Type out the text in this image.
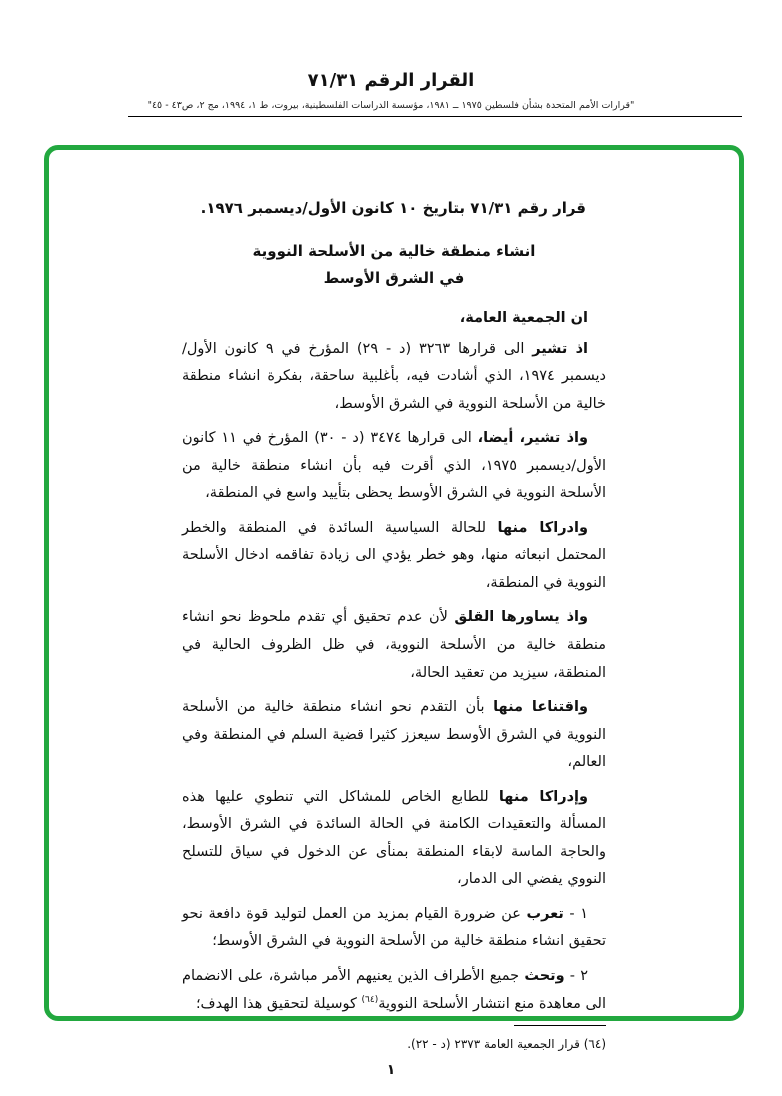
القرار الرقم ٧١/٣١
"قرارات الأمم المتحدة بشأن فلسطين ١٩٧٥ ــ ١٩٨١، مؤسسة الدراسات الفلسطينية، بيروت، ط ١، ١٩٩٤، مج ٢، ص٤٣ - ٤٥"

قرار رقم ٧١/٣١ بتاريخ ١٠ كانون الأول/ديسمبر ١٩٧٦.

انشاء منطقة خالية من الأسلحة النووية
في الشرق الأوسط

ان الجمعية العامة،

اذ تشير الى قرارها ٣٢٦٣ (د - ٢٩) المؤرخ في ٩ كانون الأول/ ديسمبر ١٩٧٤، الذي أشادت فيه، بأغلبية ساحقة، بفكرة انشاء منطقة خالية من الأسلحة النووية في الشرق الأوسط،

واذ تشير، أيضا، الى قرارها ٣٤٧٤ (د - ٣٠) المؤرخ في ١١ كانون الأول/ديسمبر ١٩٧٥، الذي أقرت فيه بأن انشاء منطقة خالية من الأسلحة النووية في الشرق الأوسط يحظى بتأييد واسع في المنطقة،

وادراكا منها للحالة السياسية السائدة في المنطقة والخطر المحتمل انبعاثه منها، وهو خطر يؤدي الى زيادة تفاقمه ادخال الأسلحة النووية في المنطقة،

واذ يساورها القلق لأن عدم تحقيق أي تقدم ملحوظ نحو انشاء منطقة خالية من الأسلحة النووية، في ظل الظروف الحالية في المنطقة، سيزيد من تعقيد الحالة،

واقتناعا منها بأن التقدم نحو انشاء منطقة خالية من الأسلحة النووية في الشرق الأوسط سيعزز كثيرا قضية السلم في المنطقة وفي العالم،

وإدراكا منها للطابع الخاص للمشاكل التي تنطوي عليها هذه المسألة والتعقيدات الكامنة في الحالة السائدة في الشرق الأوسط، والحاجة الماسة لابقاء المنطقة بمنأى عن الدخول في سياق للتسلح النووي يفضي الى الدمار،

١ - تعرب عن ضرورة القيام بمزيد من العمل لتوليد قوة دافعة نحو تحقيق انشاء منطقة خالية من الأسلحة النووية في الشرق الأوسط؛

٢ - وتحث جميع الأطراف الذين يعنيهم الأمر مباشرة، على الانضمام الى معاهدة منع انتشار الأسلحة النووية$^{(٦٤)}$ كوسيلة لتحقيق هذا الهدف؛

(٦٤) قرار الجمعية العامة ٢٣٧٣ (د - ٢٢).

١
